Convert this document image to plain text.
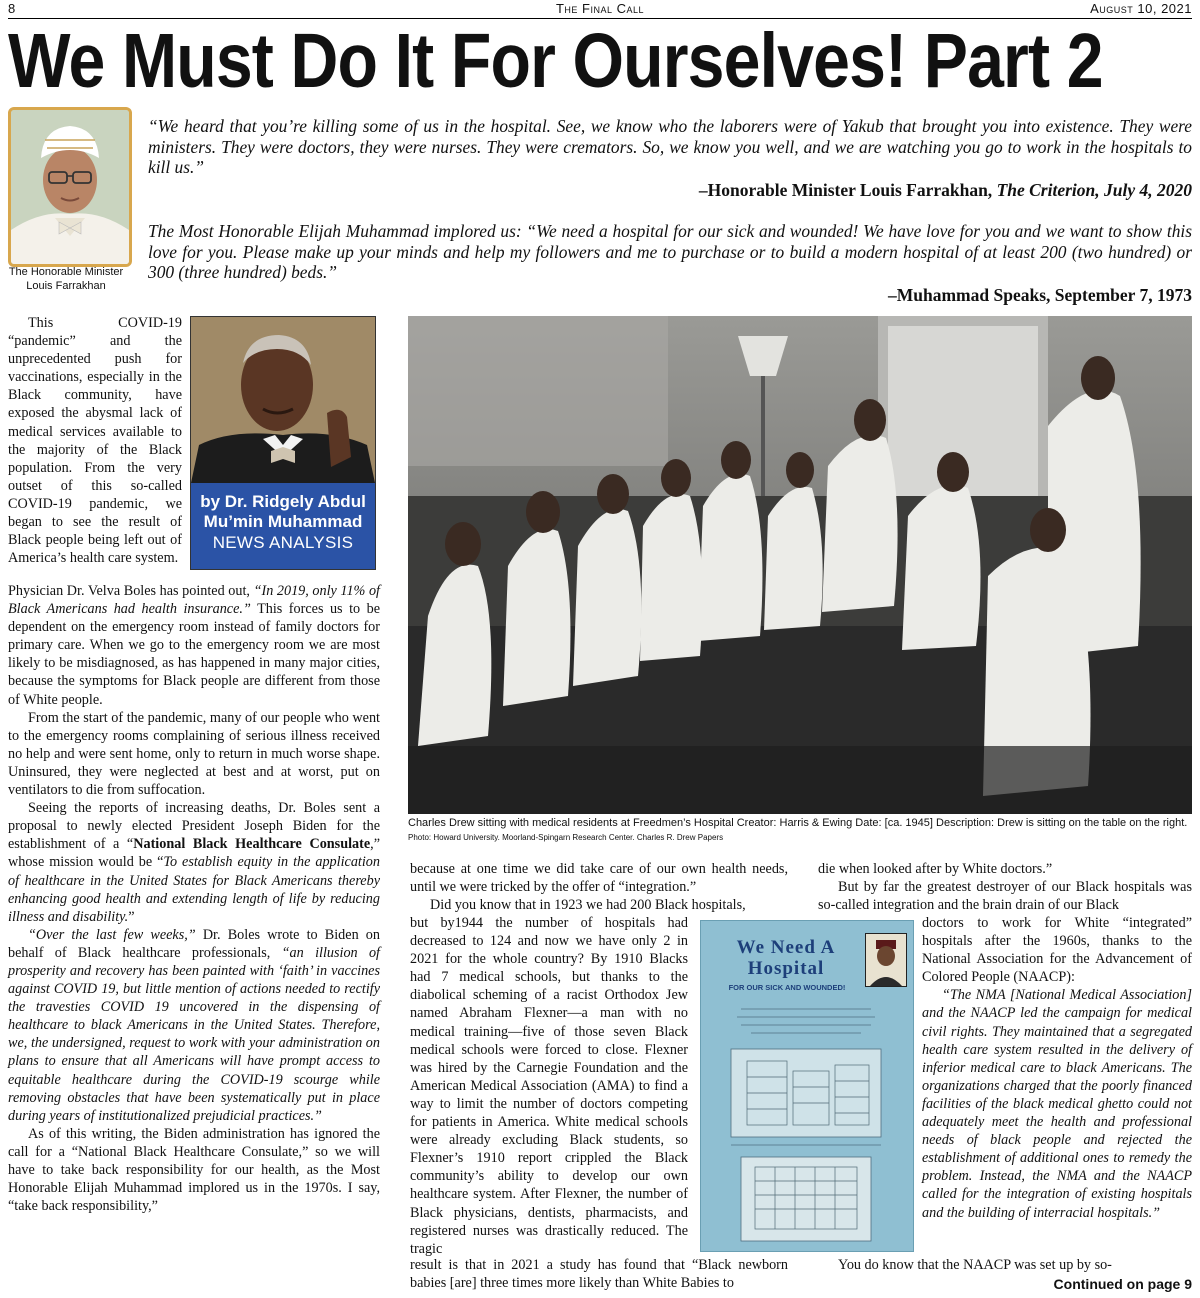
8	The Final Call	August 10, 2021
We Must Do It For Ourselves! Part 2
The Honorable Minister
Louis Farrakhan
“We heard that you’re killing some of us in the hospital. See, we know who the laborers were of Yakub that brought you into existence. They were ministers. They were doctors, they were nurses. They were cremators. So, we know you well, and we are watching you go to work in the hospitals to kill us.”
–Honorable Minister Louis Farrakhan, The Criterion, July 4, 2020
The Most Honorable Elijah Muhammad implored us: “We need a hospital for our sick and wounded! We have love for you and we want to show this love for you. Please make up your minds and help my followers and me to purchase or to build a modern hospital of at least 200 (two hundred) or 300 (three hundred) beds.”
–Muhammad Speaks, September 7, 1973
by Dr. Ridgely Abdul
Mu’min Muhammad
NEWS ANALYSIS

This COVID-19 “pandemic” and the unprecedented push for vaccinations, especially in the Black community, have exposed the abysmal lack of medical services available to the majority of the Black population. From the very outset of this so-called COVID-19 pandemic, we began to see the result of Black people being left out of America’s health care system.

Physician Dr. Velva Boles has pointed out, “In 2019, only 11% of Black Americans had health insurance.” This forces us to be dependent on the emergency room instead of family doctors for primary care. When we go to the emergency room we are most likely to be misdiagnosed, as has happened in many major cities, because the symptoms for Black people are different from those of White people.

From the start of the pandemic, many of our people who went to the emergency rooms complaining of serious illness received no help and were sent home, only to return in much worse shape. Uninsured, they were neglected at best and at worst, put on ventilators to die from suffocation.

Seeing the reports of increasing deaths, Dr. Boles sent a proposal to newly elected President Joseph Biden for the establishment of a “National Black Healthcare Consulate,” whose mission would be “To establish equity in the application of healthcare in the United States for Black Americans thereby enhancing good health and extending length of life by reducing illness and disability.”

“Over the last few weeks,” Dr. Boles wrote to Biden on behalf of Black healthcare professionals, “an illusion of prosperity and recovery has been painted with ‘faith’ in vaccines against COVID 19, but little mention of actions needed to rectify the travesties COVID 19 uncovered in the dispensing of healthcare to black Americans in the United States. Therefore, we, the undersigned, request to work with your administration on plans to ensure that all Americans will have prompt access to equitable healthcare during the COVID-19 scourge while removing obstacles that have been systematically put in place during years of institutionalized prejudicial practices.”

As of this writing, the Biden administration has ignored the call for a “National Black Healthcare Consulate,” so we will have to take back responsibility for our health, as the Most Honorable Elijah Muhammad implored us in the 1970s. I say, “take back responsibility,”

Charles Drew sitting with medical residents at Freedmen’s Hospital Creator: Harris & Ewing Date: [ca. 1945] Description: Drew is sitting on the table on the right. Photo: Howard University. Moorland-Spingarn Research Center. Charles R. Drew Papers

because at one time we did take care of our own health needs, until we were tricked by the offer of “integration.”

Did you know that in 1923 we had 200 Black hospitals,

but by1944 the number of hospitals had decreased to 124 and now we have only 2 in 2021 for the whole country? By 1910 Blacks had 7 medical schools, but thanks to the diabolical scheming of a racist Orthodox Jew named Abraham Flexner—a man with no medical training—five of those seven Black medical schools were forced to close. Flexner was hired by the Carnegie Foundation and the American Medical Association (AMA) to find a way to limit the number of doctors competing for patients in America. White medical schools were already excluding Black students, so Flexner’s 1910 report crippled the Black community’s ability to develop our own healthcare system. After Flexner, the number of Black physicians, dentists, pharmacists, and registered nurses was drastically reduced. The tragic

result is that in 2021 a study has found that “Black newborn babies [are] three times more likely than White Babies to

We Need A
Hospital
FOR OUR SICK AND WOUNDED!

die when looked after by White doctors.”

But by far the greatest destroyer of our Black hospitals was so-called integration and the brain drain of our Black

doctors to work for White “integrated” hospitals after the 1960s, thanks to the National Association for the Advancement of Colored People (NAACP):

“The NMA [National Medical Association] and the NAACP led the campaign for medical civil rights. They maintained that a segregated health care system resulted in the delivery of inferior medical care to black Americans. The organizations charged that the poorly financed facilities of the black medical ghetto could not adequately meet the health and professional needs of black people and rejected the establishment of additional ones to remedy the problem. Instead, the NMA and the NAACP called for the integration of existing hospitals and the building of interracial hospitals.”

You do know that the NAACP was set up by so-

Continued on page 9
